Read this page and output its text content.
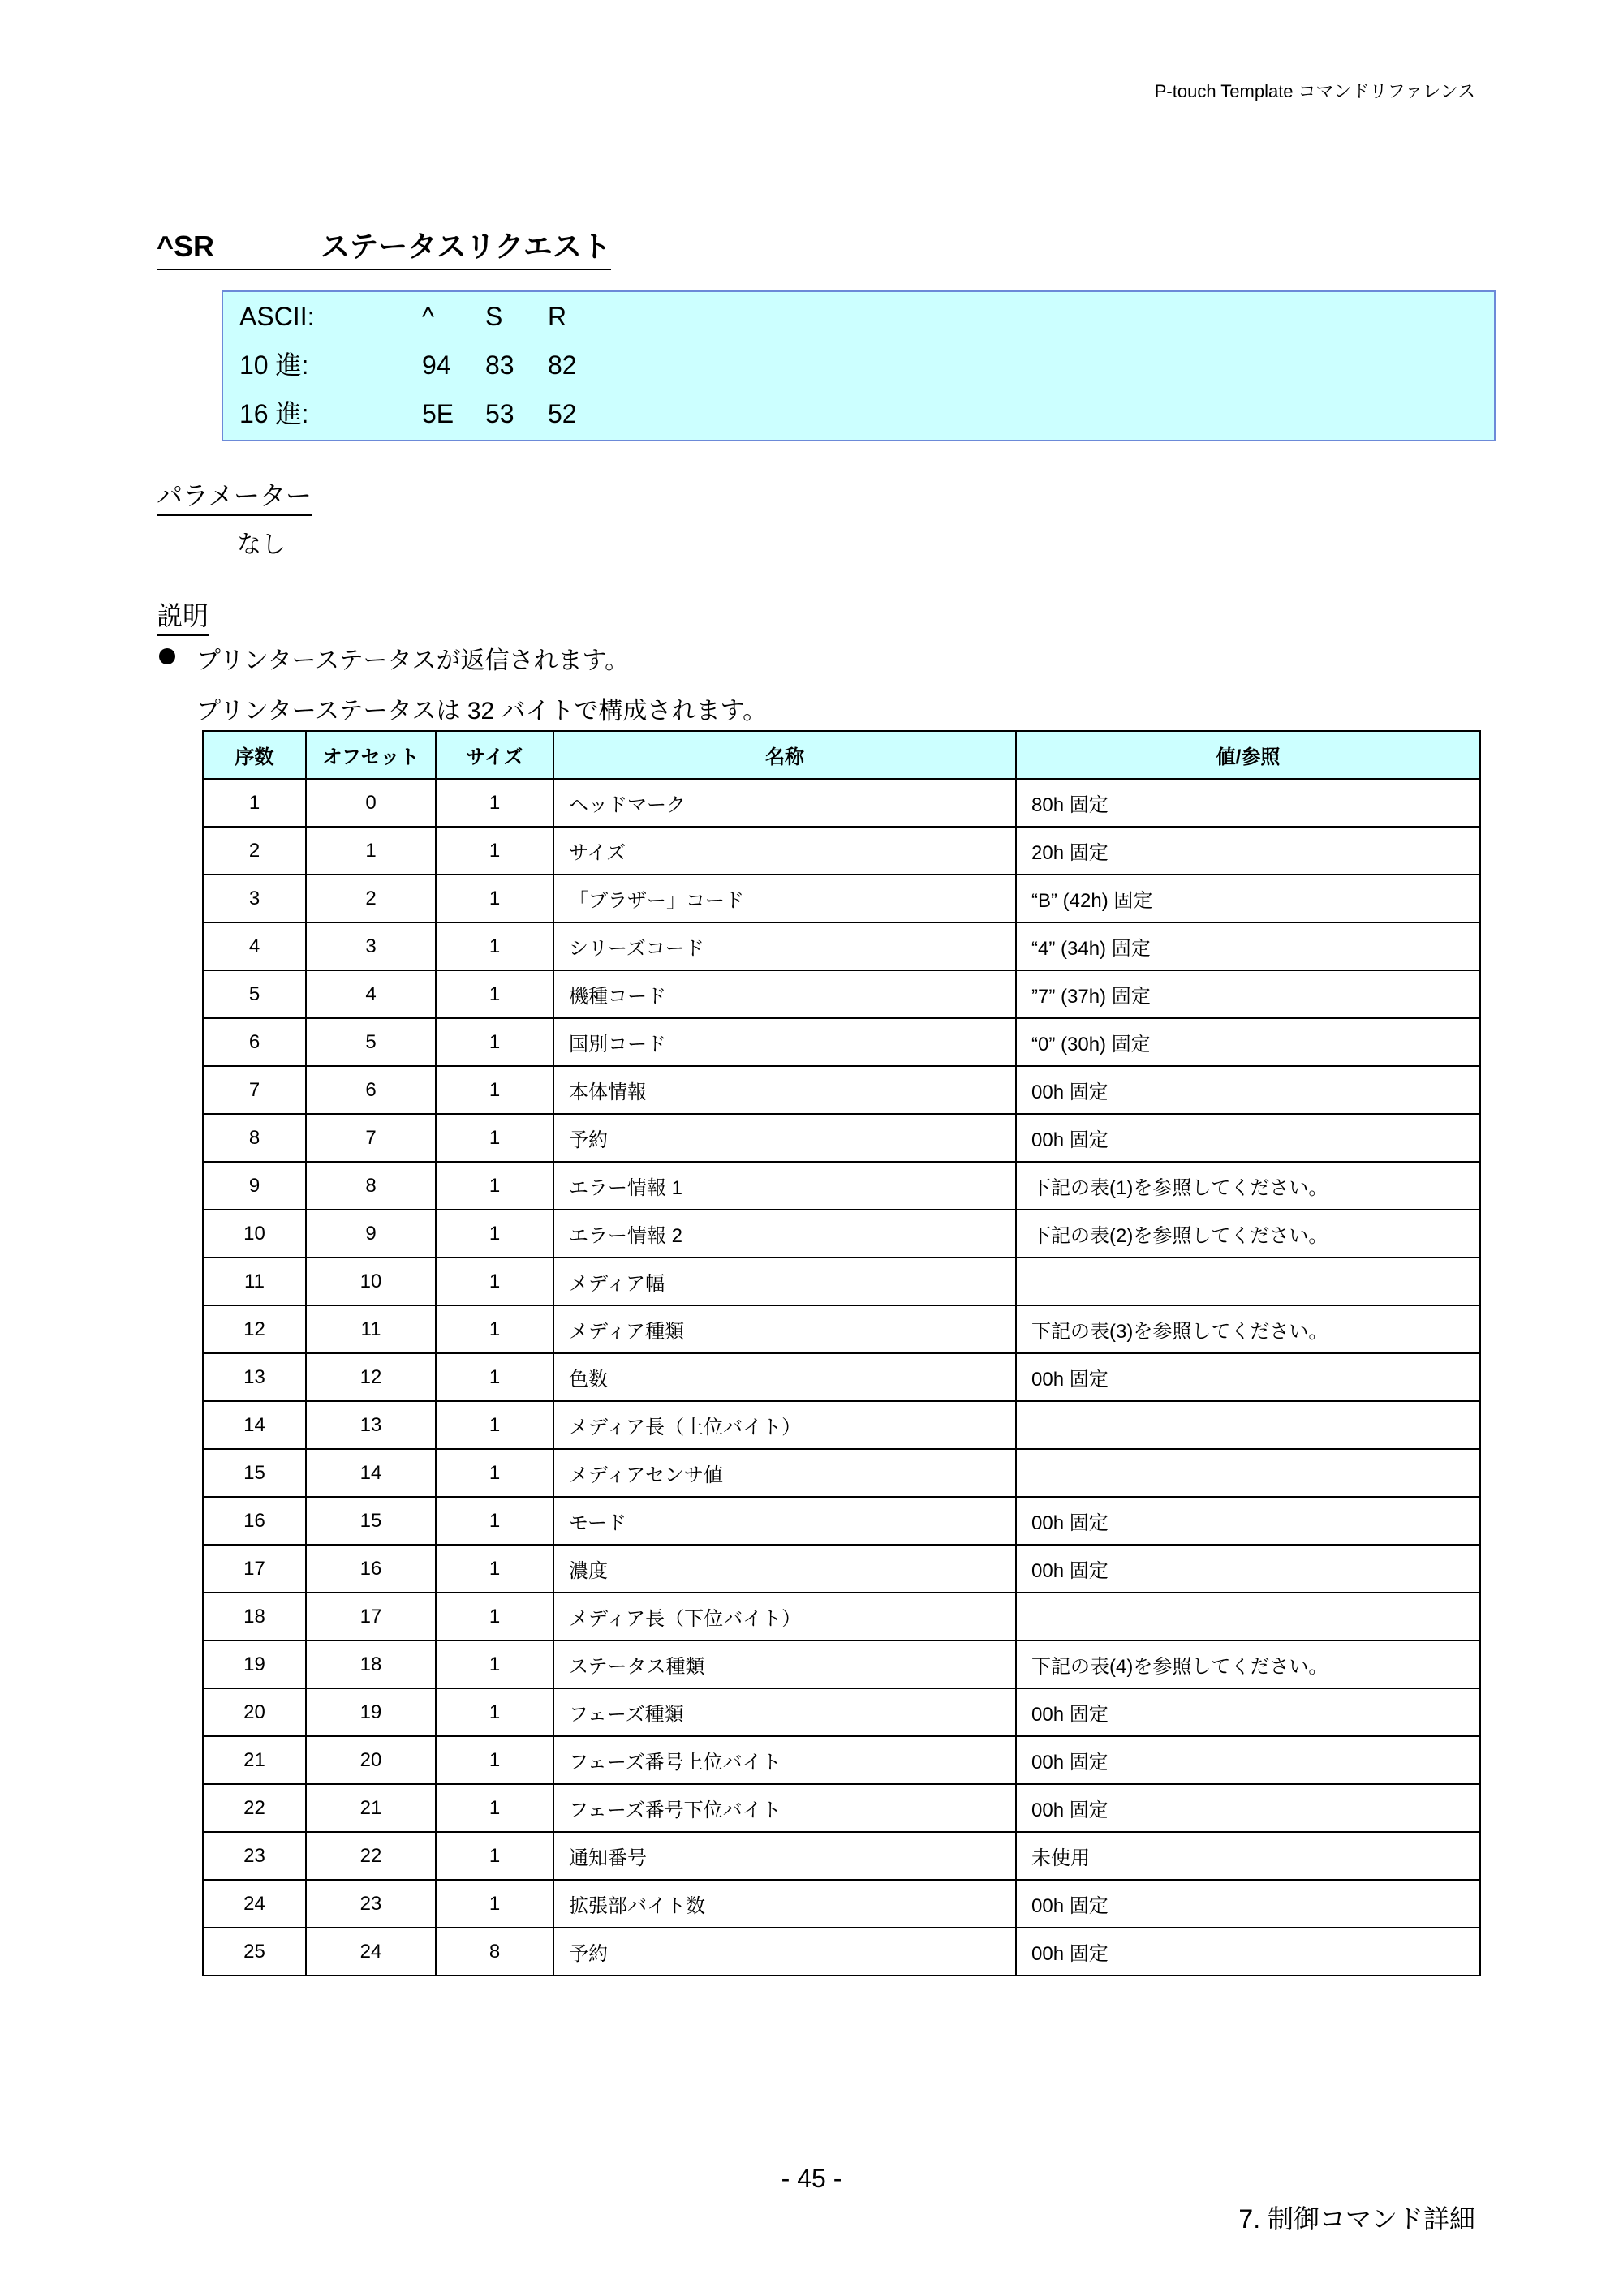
P-touch Template コマンドリファレンス
^SR	ステータスリクエスト
ASCII:	^ S R
10 進:	94 83 82
16 進:	5E 53 52
パラメーター
なし
説明
プリンターステータスが返信されます。
プリンターステータスは 32 バイトで構成されます。
序数	オフセット	サイズ	名称	値/参照
1	0	1	ヘッドマーク	80h 固定
2	1	1	サイズ	20h 固定
3	2	1	「ブラザー」コード	“B” (42h) 固定
4	3	1	シリーズコード	“4” (34h) 固定
5	4	1	機種コード	”7” (37h) 固定
6	5	1	国別コード	“0” (30h) 固定
7	6	1	本体情報	00h 固定
8	7	1	予約	00h 固定
9	8	1	エラー情報 1	下記の表(1)を参照してください。
10	9	1	エラー情報 2	下記の表(2)を参照してください。
11	10	1	メディア幅	
12	11	1	メディア種類	下記の表(3)を参照してください。
13	12	1	色数	00h 固定
14	13	1	メディア長（上位バイト）	
15	14	1	メディアセンサ値	
16	15	1	モード	00h 固定
17	16	1	濃度	00h 固定
18	17	1	メディア長（下位バイト）	
19	18	1	ステータス種類	下記の表(4)を参照してください。
20	19	1	フェーズ種類	00h 固定
21	20	1	フェーズ番号上位バイト	00h 固定
22	21	1	フェーズ番号下位バイト	00h 固定
23	22	1	通知番号	未使用
24	23	1	拡張部バイト数	00h 固定
25	24	8	予約	00h 固定
- 45 -
7. 制御コマンド詳細
